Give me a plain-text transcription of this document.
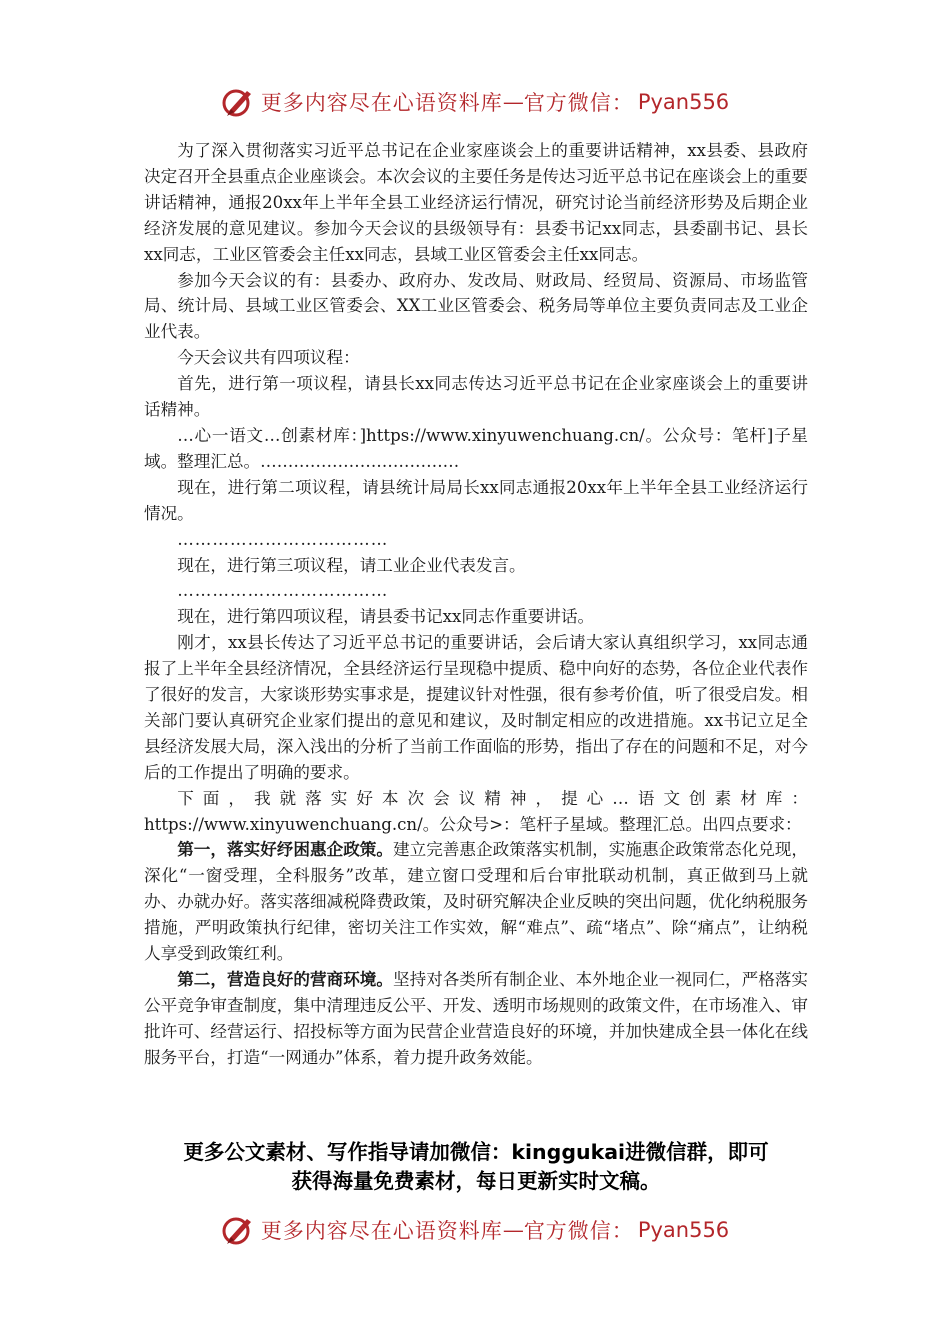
更多内容尽在心语资料库 — 官方微信： Pyan556

为了深入贯彻落实习近平总书记在企业家座谈会上的重要讲话精神，xx县委、县政府决定召开全县重点企业座谈会。本次会议的主要任务是传达习近平总书记在座谈会上的重要讲话精神，通报20xx年上半年全县工业经济运行情况，研究讨论当前经济形势及后期企业经济发展的意见建议。参加今天会议的县级领导有：县委书记xx同志，县委副书记、县长xx同志，工业区管委会主任xx同志，县域工业区管委会主任xx同志。

参加今天会议的有：县委办、政府办、发改局、财政局、经贸局、资源局、市场监管局、统计局、县域工业区管委会、XX工业区管委会、税务局等单位主要负责同志及工业企业代表。

今天会议共有四项议程：

首先，进行第一项议程，请县长xx同志传达习近平总书记在企业家座谈会上的重要讲话精神。

…心一语文…创素材库：]https://www.xinyuwenchuang.cn/。公众号：笔杆]子星域。整理汇总。………………………………

现在，进行第二项议程，请县统计局局长xx同志通报20xx年上半年全县工业经济运行情况。

………………………………

现在，进行第三项议程，请工业企业代表发言。

………………………………

现在，进行第四项议程，请县委书记xx同志作重要讲话。

刚才，xx县长传达了习近平总书记的重要讲话，会后请大家认真组织学习，xx同志通报了上半年全县经济情况，全县经济运行呈现稳中提质、稳中向好的态势，各位企业代表作了很好的发言，大家谈形势实事求是，提建议针对性强，很有参考价值，听了很受启发。相关部门要认真研究企业家们提出的意见和建议，及时制定相应的改进措施。xx书记立足全县经济发展大局，深入浅出的分析了当前工作面临的形势，指出了存在的问题和不足，对今后的工作提出了明确的要求。

下面，我就落实好本次会议精神，提心…语文创素材库：https://www.xinyuwenchuang.cn/。公众号>：笔杆子星域。整理汇总。出四点要求：

第一，落实好纾困惠企政策。建立完善惠企政策落实机制，实施惠企政策常态化兑现，深化“一窗受理，全科服务”改革，建立窗口受理和后台审批联动机制，真正做到马上就办、办就办好。落实落细减税降费政策，及时研究解决企业反映的突出问题，优化纳税服务措施，严明政策执行纪律，密切关注工作实效，解“难点”、疏“堵点”、除“痛点”，让纳税人享受到政策红利。

第二，营造良好的营商环境。坚持对各类所有制企业、本外地企业一视同仁，严格落实公平竞争审查制度，集中清理违反公平、开发、透明市场规则的政策文件，在市场准入、审批许可、经营运行、招投标等方面为民营企业营造良好的环境，并加快建成全县一体化在线服务平台，打造“一网通办”体系，着力提升政务效能。

更多公文素材、写作指导请加微信：kinggukai进微信群，即可
获得海量免费素材，每日更新实时文稿。
更多内容尽在心语资料库 — 官方微信： Pyan556
